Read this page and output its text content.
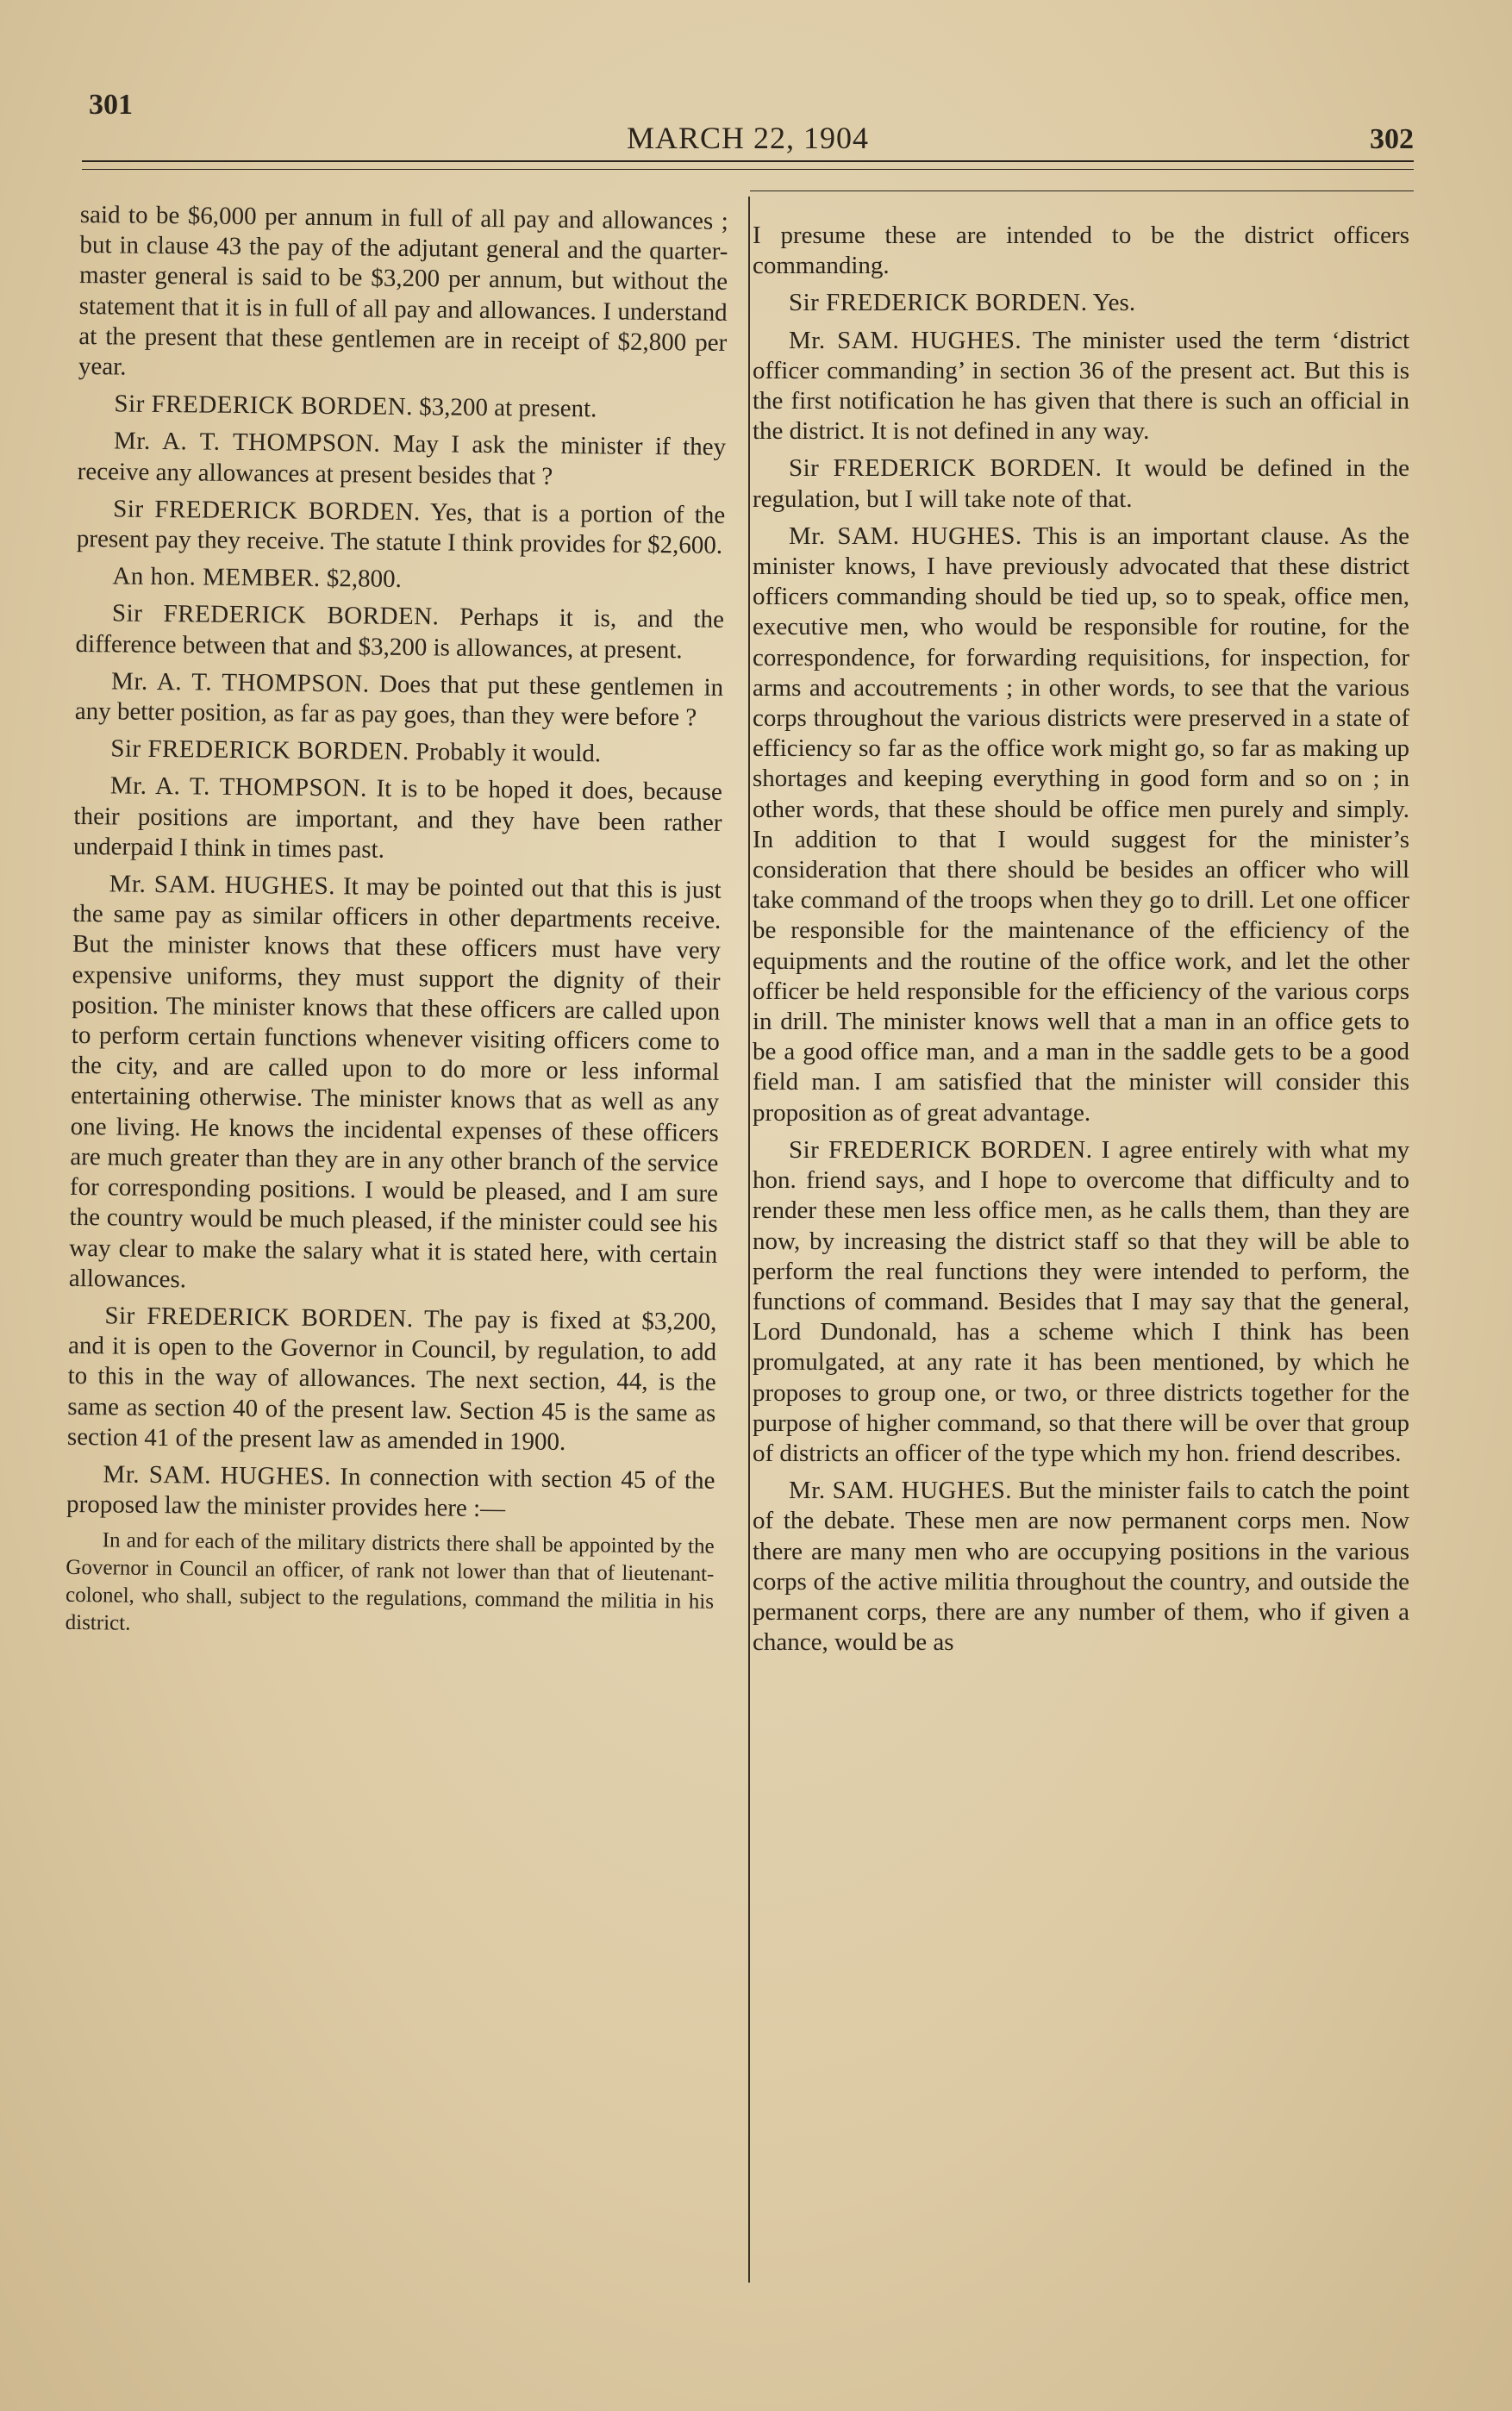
301
MARCH 22, 1904	302

said to be $6,000 per annum in full of all pay and allowances ; but in clause 43 the pay of the adjutant general and the quarter-master general is said to be $3,200 per annum, but without the statement that it is in full of all pay and allowances. I understand at the present that these gentlemen are in receipt of $2,800 per year.

Sir FREDERICK BORDEN. $3,200 at present.

Mr. A. T. THOMPSON. May I ask the minister if they receive any allowances at present besides that ?

Sir FREDERICK BORDEN. Yes, that is a portion of the present pay they receive. The statute I think provides for $2,600.

An hon. MEMBER. $2,800.

Sir FREDERICK BORDEN. Perhaps it is, and the difference between that and $3,200 is allowances, at present.

Mr. A. T. THOMPSON. Does that put these gentlemen in any better position, as far as pay goes, than they were before ?

Sir FREDERICK BORDEN. Probably it would.

Mr. A. T. THOMPSON. It is to be hoped it does, because their positions are important, and they have been rather underpaid I think in times past.

Mr. SAM. HUGHES. It may be pointed out that this is just the same pay as similar officers in other departments receive. But the minister knows that these officers must have very expensive uniforms, they must support the dignity of their position. The minister knows that these officers are called upon to perform certain functions whenever visiting officers come to the city, and are called upon to do more or less informal entertaining otherwise. The minister knows that as well as any one living. He knows the incidental expenses of these officers are much greater than they are in any other branch of the service for corresponding positions. I would be pleased, and I am sure the country would be much pleased, if the minister could see his way clear to make the salary what it is stated here, with certain allowances.

Sir FREDERICK BORDEN. The pay is fixed at $3,200, and it is open to the Governor in Council, by regulation, to add to this in the way of allowances. The next section, 44, is the same as section 40 of the present law. Section 45 is the same as section 41 of the present law as amended in 1900.

Mr. SAM. HUGHES. In connection with section 45 of the proposed law the minister provides here :—

In and for each of the military districts there shall be appointed by the Governor in Council an officer, of rank not lower than that of lieutenant-colonel, who shall, subject to the regulations, command the militia in his district.

I presume these are intended to be the district officers commanding.

Sir FREDERICK BORDEN. Yes.

Mr. SAM. HUGHES. The minister used the term ‘district officer commanding’ in section 36 of the present act. But this is the first notification he has given that there is such an official in the district. It is not defined in any way.

Sir FREDERICK BORDEN. It would be defined in the regulation, but I will take note of that.

Mr. SAM. HUGHES. This is an important clause. As the minister knows, I have previously advocated that these district officers commanding should be tied up, so to speak, office men, executive men, who would be responsible for routine, for the correspondence, for forwarding requisitions, for inspection, for arms and accoutrements ; in other words, to see that the various corps throughout the various districts were preserved in a state of efficiency so far as the office work might go, so far as making up shortages and keeping everything in good form and so on ; in other words, that these should be office men purely and simply. In addition to that I would suggest for the minister’s consideration that there should be besides an officer who will take command of the troops when they go to drill. Let one officer be responsible for the maintenance of the efficiency of the equipments and the routine of the office work, and let the other officer be held responsible for the efficiency of the various corps in drill. The minister knows well that a man in an office gets to be a good office man, and a man in the saddle gets to be a good field man. I am satisfied that the minister will consider this proposition as of great advantage.

Sir FREDERICK BORDEN. I agree entirely with what my hon. friend says, and I hope to overcome that difficulty and to render these men less office men, as he calls them, than they are now, by increasing the district staff so that they will be able to perform the real functions they were intended to perform, the functions of command. Besides that I may say that the general, Lord Dundonald, has a scheme which I think has been promulgated, at any rate it has been mentioned, by which he proposes to group one, or two, or three districts together for the purpose of higher command, so that there will be over that group of districts an officer of the type which my hon. friend describes.

Mr. SAM. HUGHES. But the minister fails to catch the point of the debate. These men are now permanent corps men. Now there are many men who are occupying positions in the various corps of the active militia throughout the country, and outside the permanent corps, there are any number of them, who if given a chance, would be as
